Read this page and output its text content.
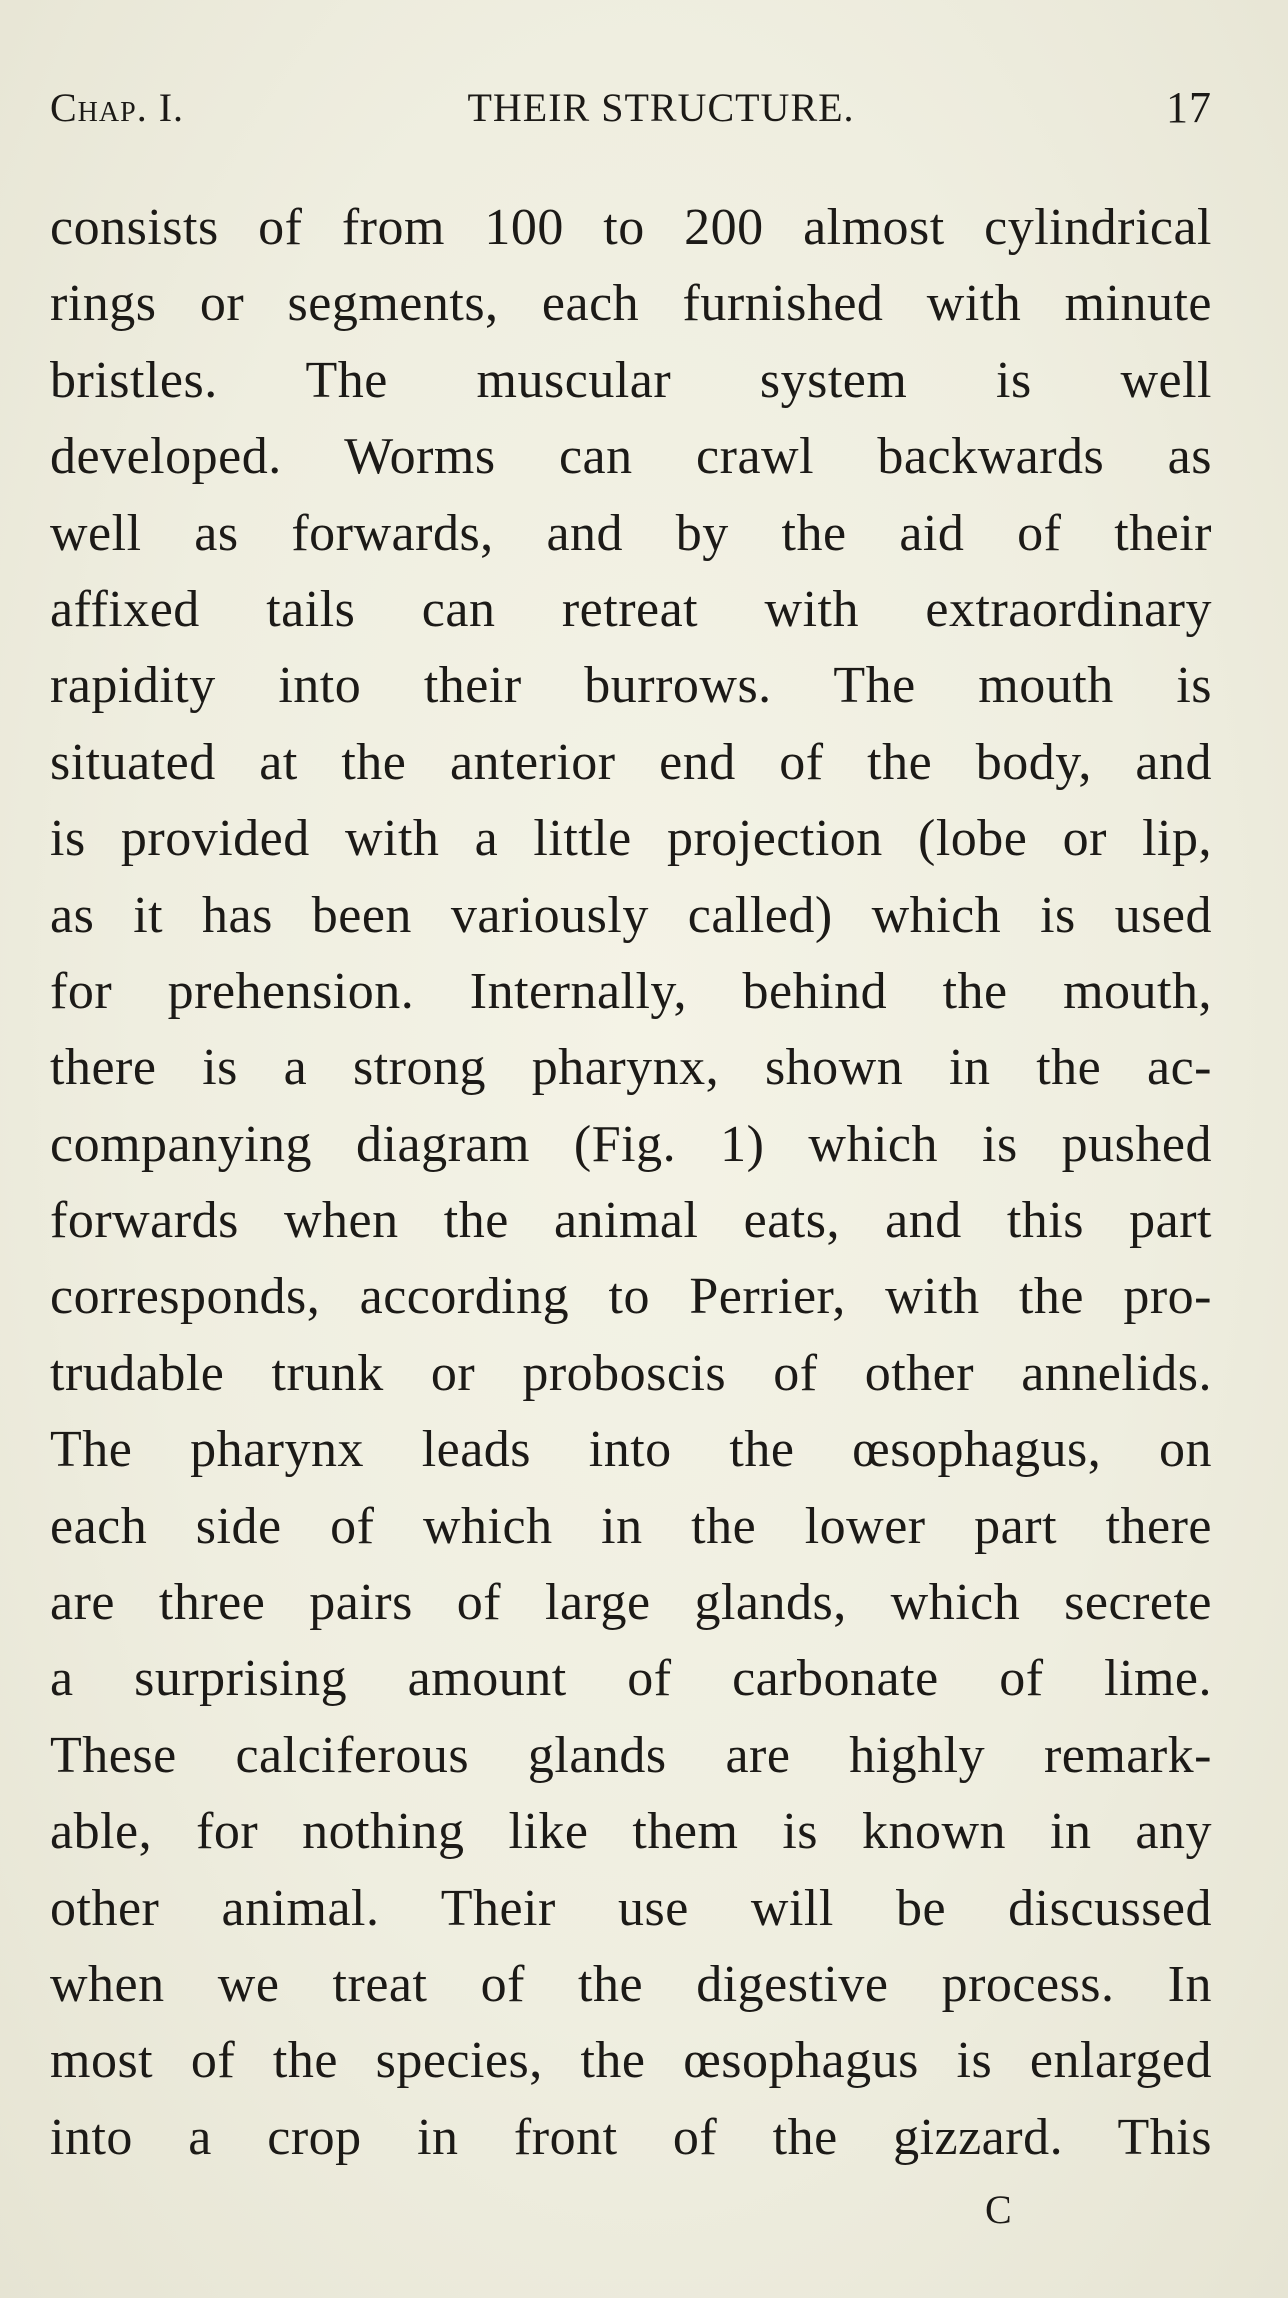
Chap. I.	THEIR STRUCTURE.	17
consists of from 100 to 200 almost cylindrical
rings or segments, each furnished with minute
bristles. The muscular system is well
developed. Worms can crawl backwards as
well as forwards, and by the aid of their
affixed tails can retreat with extraordinary
rapidity into their burrows. The mouth is
situated at the anterior end of the body, and
is provided with a little projection (lobe or lip,
as it has been variously called) which is used
for prehension. Internally, behind the mouth,
there is a strong pharynx, shown in the ac-
companying diagram (Fig. 1) which is pushed
forwards when the animal eats, and this part
corresponds, according to Perrier, with the pro-
trudable trunk or proboscis of other annelids.
The pharynx leads into the œsophagus, on
each side of which in the lower part there
are three pairs of large glands, which secrete
a surprising amount of carbonate of lime.
These calciferous glands are highly remark-
able, for nothing like them is known in any
other animal. Their use will be discussed
when we treat of the digestive process. In
most of the species, the œsophagus is enlarged
into a crop in front of the gizzard. This
C
